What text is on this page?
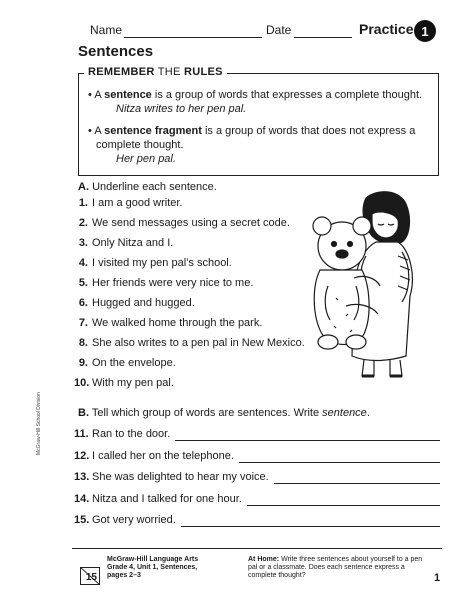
Name	Date	Practice 1
Sentences
REMEMBER THE RULES
• A sentence is a group of words that expresses a complete thought.
Nitza writes to her pen pal.
• A sentence fragment is a group of words that does not express a
complete thought.
Her pen pal.
A. Underline each sentence.
1. I am a good writer.
2. We send messages using a secret code.
3. Only Nitza and I.
4. I visited my pen pal’s school.
5. Her friends were very nice to me.
6. Hugged and hugged.
7. We walked home through the park.
8. She also writes to a pen pal in New Mexico.
9. On the envelope.
10. With my pen pal.
B. Tell which group of words are sentences. Write sentence.
McGraw-Hill School Division
McGraw-Hill Language Arts
Grade 4, Unit 1, Sentences,
pages 2–3
15
At Home: Write three sentences about yourself to a pen
pal or a classmate. Does each sentence express a
complete thought?	1
11. Ran to the door.
12. I called her on the telephone.
13. She was delighted to hear my voice.
14. Nitza and I talked for one hour.
15. Got very worried.
